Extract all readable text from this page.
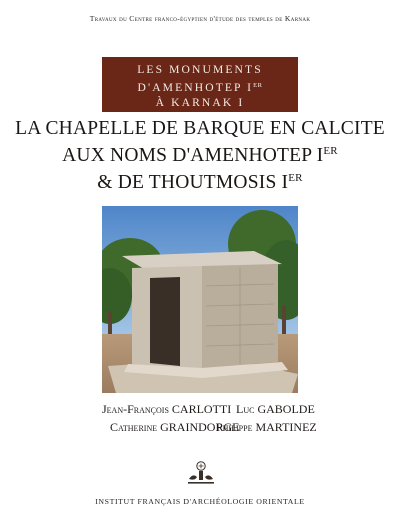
Travaux du Centre franco-égyptien d'étude des temples de Karnak
LES MONUMENTS
D'AMENHOTEP IER
À KARNAK I
LA CHAPELLE DE BARQUE EN CALCITE
AUX NOMS D'AMENHOTEP IER
& DE THOUTMOSIS IER
Jean-François CARLOTTI Luc GABOLDE
Catherine GRAINDORGE
Philippe MARTINEZ
INSTITUT FRANÇAIS D'ARCHÉOLOGIE ORIENTALE
